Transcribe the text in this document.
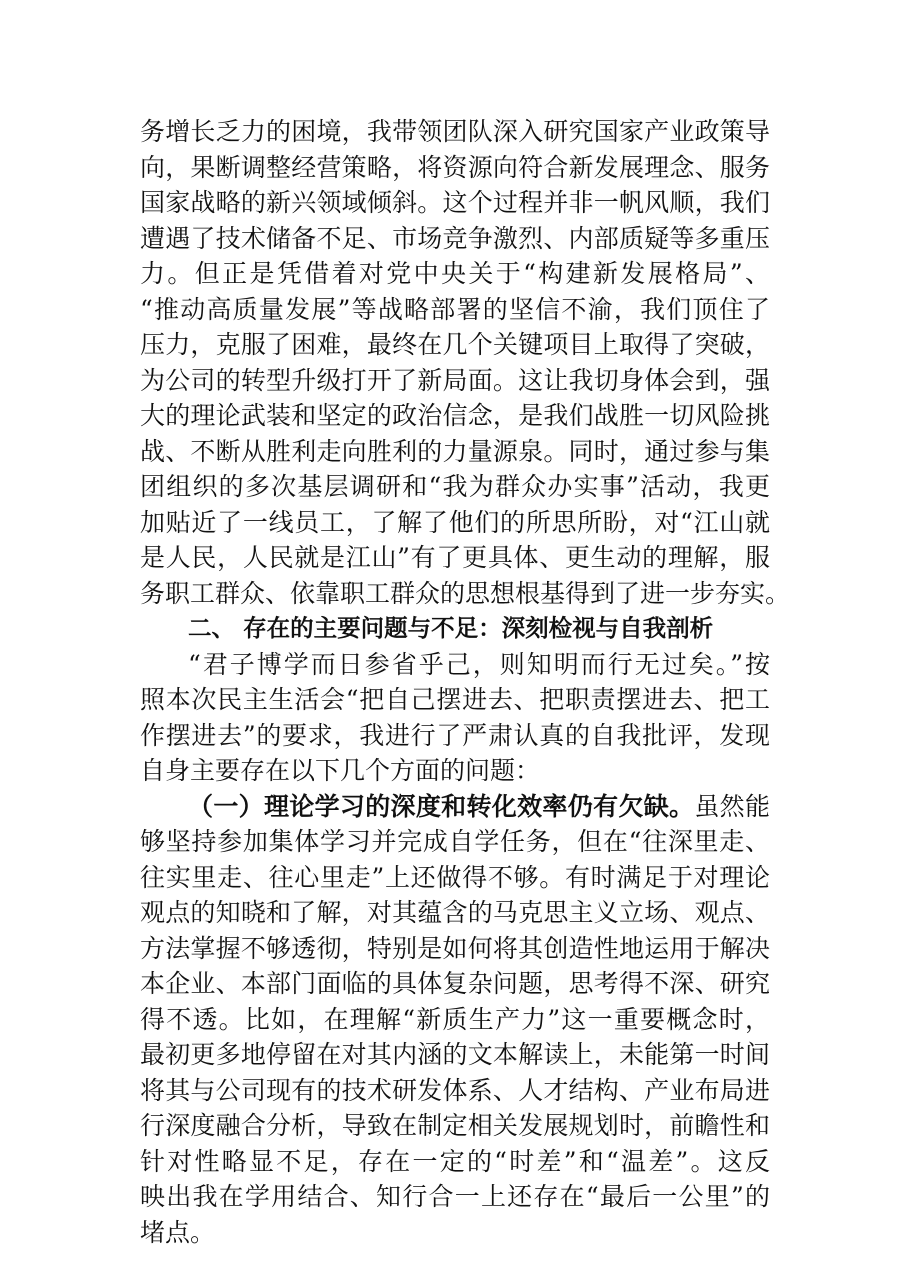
务增长乏力的困境，我带领团队深入研究国家产业政策导
向，果断调整经营策略，将资源向符合新发展理念、服务
国家战略的新兴领域倾斜。这个过程并非一帆风顺，我们
遭遇了技术储备不足、市场竞争激烈、内部质疑等多重压
力。但正是凭借着对党中央关于“构建新发展格局”、
“推动高质量发展”等战略部署的坚信不渝，我们顶住了
压力，克服了困难，最终在几个关键项目上取得了突破，
为公司的转型升级打开了新局面。这让我切身体会到，强
大的理论武装和坚定的政治信念，是我们战胜一切风险挑
战、不断从胜利走向胜利的力量源泉。同时，通过参与集
团组织的多次基层调研和“我为群众办实事”活动，我更
加贴近了一线员工，了解了他们的所思所盼，对“江山就
是人民，人民就是江山”有了更具体、更生动的理解，服
务职工群众、依靠职工群众的思想根基得到了进一步夯实。
二、 存在的主要问题与不足：深刻检视与自我剖析
“君子博学而日参省乎己，则知明而行无过矣。”按
照本次民主生活会“把自己摆进去、把职责摆进去、把工
作摆进去”的要求，我进行了严肃认真的自我批评，发现
自身主要存在以下几个方面的问题：
（一）理论学习的深度和转化效率仍有欠缺。虽然能
够坚持参加集体学习并完成自学任务，但在“往深里走、
往实里走、往心里走”上还做得不够。有时满足于对理论
观点的知晓和了解，对其蕴含的马克思主义立场、观点、
方法掌握不够透彻，特别是如何将其创造性地运用于解决
本企业、本部门面临的具体复杂问题，思考得不深、研究
得不透。比如，在理解“新质生产力”这一重要概念时，
最初更多地停留在对其内涵的文本解读上，未能第一时间
将其与公司现有的技术研发体系、人才结构、产业布局进
行深度融合分析，导致在制定相关发展规划时，前瞻性和
针对性略显不足，存在一定的“时差”和“温差”。这反
映出我在学用结合、知行合一上还存在“最后一公里”的
堵点。
